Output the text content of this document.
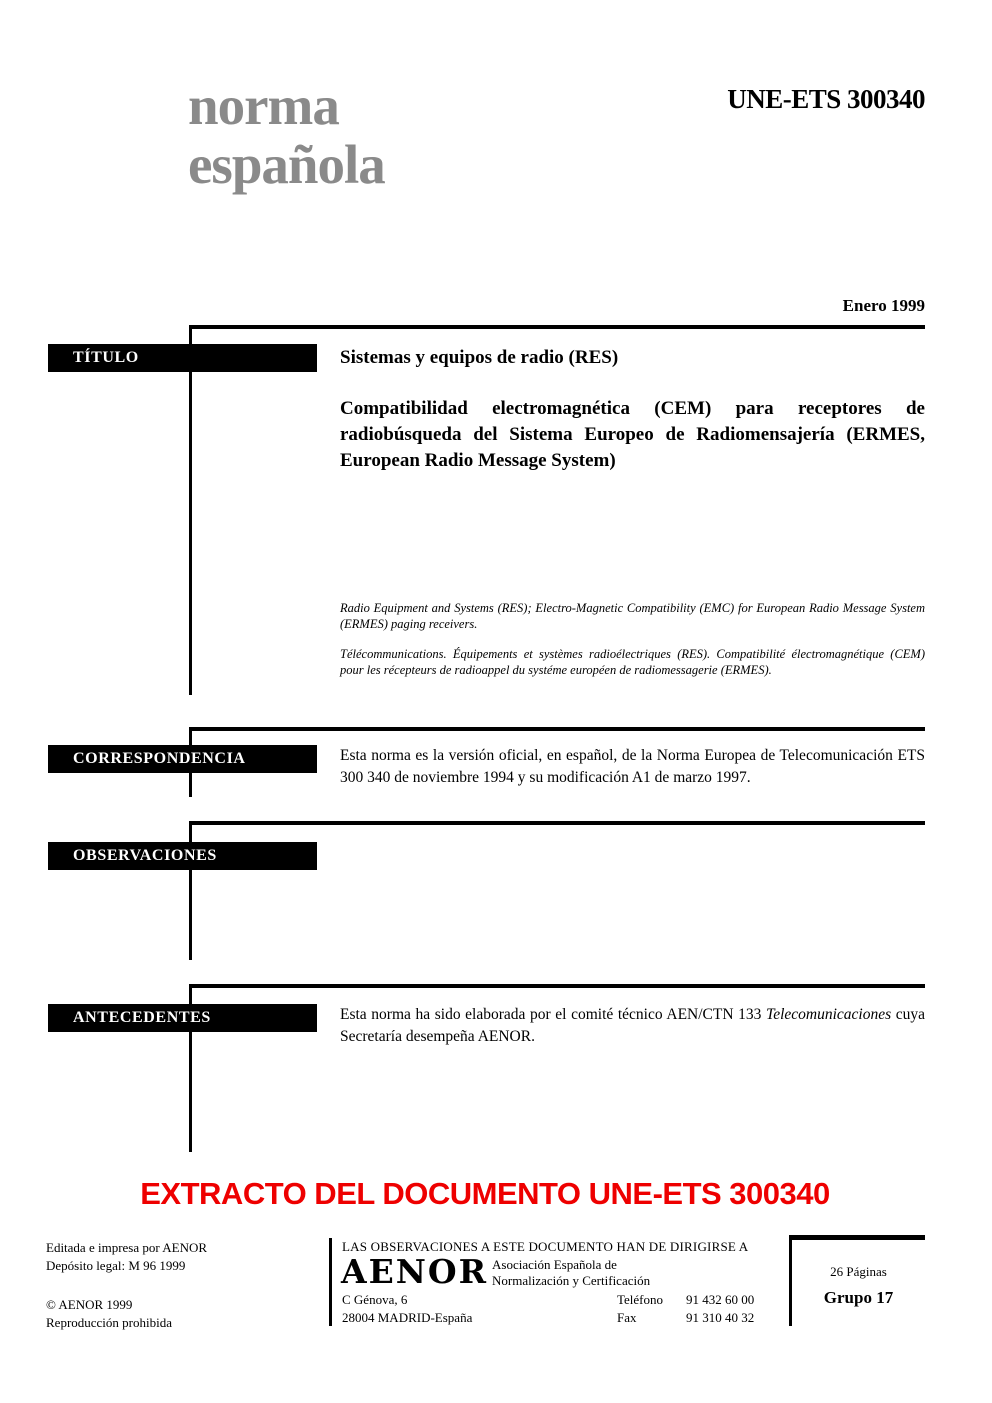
norma
española
UNE-ETS 300340
Enero 1999
TÍTULO	Sistemas y equipos de radio (RES)
Compatibilidad electromagnética (CEM) para receptores de radiobúsqueda del Sistema Europeo de Radiomensajería (ERMES, European Radio Message System)
Radio Equipment and Systems (RES); Electro-Magnetic Compatibility (EMC) for European Radio Message System (ERMES) paging receivers.
Télécommunications. Équipements et systèmes radioélectriques (RES). Compatibilité électromagnétique (CEM) pour les récepteurs de radioappel du systéme européen de radiomessagerie (ERMES).
CORRESPONDENCIA	Esta norma es la versión oficial, en español, de la Norma Europea de Telecomunicación ETS 300 340 de noviembre 1994 y su modificación A1 de marzo 1997.
OBSERVACIONES
ANTECEDENTES	Esta norma ha sido elaborada por el comité técnico AEN/CTN 133 Telecomunicaciones cuya Secretaría desempeña AENOR.
EXTRACTO DEL DOCUMENTO UNE-ETS 300340
Editada e impresa por AENOR
Depósito legal: M 96 1999
© AENOR 1999
Reproducción prohibida
LAS OBSERVACIONES A ESTE DOCUMENTO HAN DE DIRIGIRSE A
AENOR Asociación Española de
Normalización y Certificación
C Génova, 6
28004 MADRID-España
Teléfono 91 432 60 00
Fax	91 310 40 32
26 Páginas
Grupo 17
